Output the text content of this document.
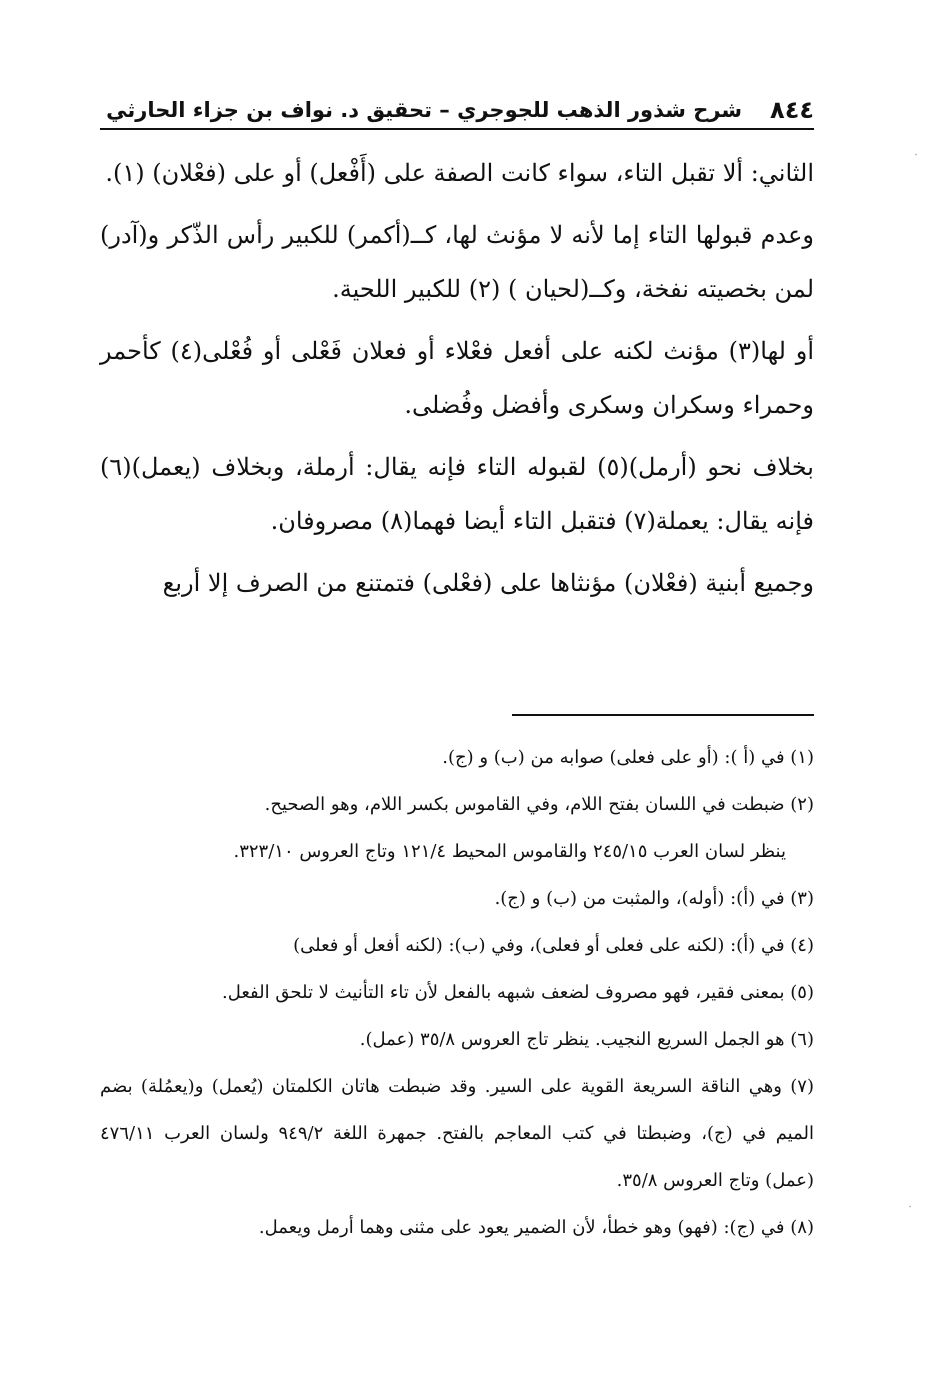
٨٤٤
شرح شذور الذهب للجوجري – تحقيق د. نواف بن جزاء الحارثي

الثاني: ألا تقبل التاء، سواء كانت الصفة على (أَفْعل) أو على (فعْلان) (١).

وعدم قبولها التاء إما لأنه لا مؤنث لها، كــ(أكمر) للكبير رأس الذّكر و(آدر) لمن بخصيته نفخة، وكــ(لحيان ) (٢) للكبير اللحية.

أو لها(٣) مؤنث لكنه على أفعل فعْلاء أو فعلان فَعْلى أو فُعْلى(٤) كأحمر وحمراء وسكران وسكرى وأفضل وفُضلى.

بخلاف نحو (أرمل)(٥) لقبوله التاء فإنه يقال: أرملة، وبخلاف (يعمل)(٦) فإنه يقال: يعملة(٧) فتقبل التاء أيضا فهما(٨) مصروفان.

وجميع أبنية (فعْلان) مؤنثاها على (فعْلى) فتمتنع من الصرف إلا أربع

(١) في (أ ): (أو على فعلى) صوابه من (ب) و (ج).

(٢) ضبطت في اللسان بفتح اللام، وفي القاموس بكسر اللام، وهو الصحيح.

ينظر لسان العرب ٢٤٥/١٥ والقاموس المحيط ١٢١/٤ وتاج العروس ٣٢٣/١٠.

(٣) في (أ): (أوله)، والمثبت من (ب) و (ج).

(٤) في (أ): (لكنه على فعلى أو فعلى)، وفي (ب): (لكنه أفعل أو فعلى)

(٥) بمعنى فقير، فهو مصروف لضعف شبهه بالفعل لأن تاء التأنيث لا تلحق الفعل.

(٦) هو الجمل السريع النجيب. ينظر تاج العروس ٣٥/٨ (عمل).

(٧) وهي الناقة السريعة القوية على السير. وقد ضبطت هاتان الكلمتان (يُعمل) و(يعمُلة) بضم الميم في (ج)، وضبطتا في كتب المعاجم بالفتح. جمهرة اللغة ٩٤٩/٢ ولسان العرب ٤٧٦/١١ (عمل) وتاج العروس ٣٥/٨.

(٨) في (ج): (فهو) وهو خطأ، لأن الضمير يعود على مثنى وهما أرمل ويعمل.

ˑ
ˑ
